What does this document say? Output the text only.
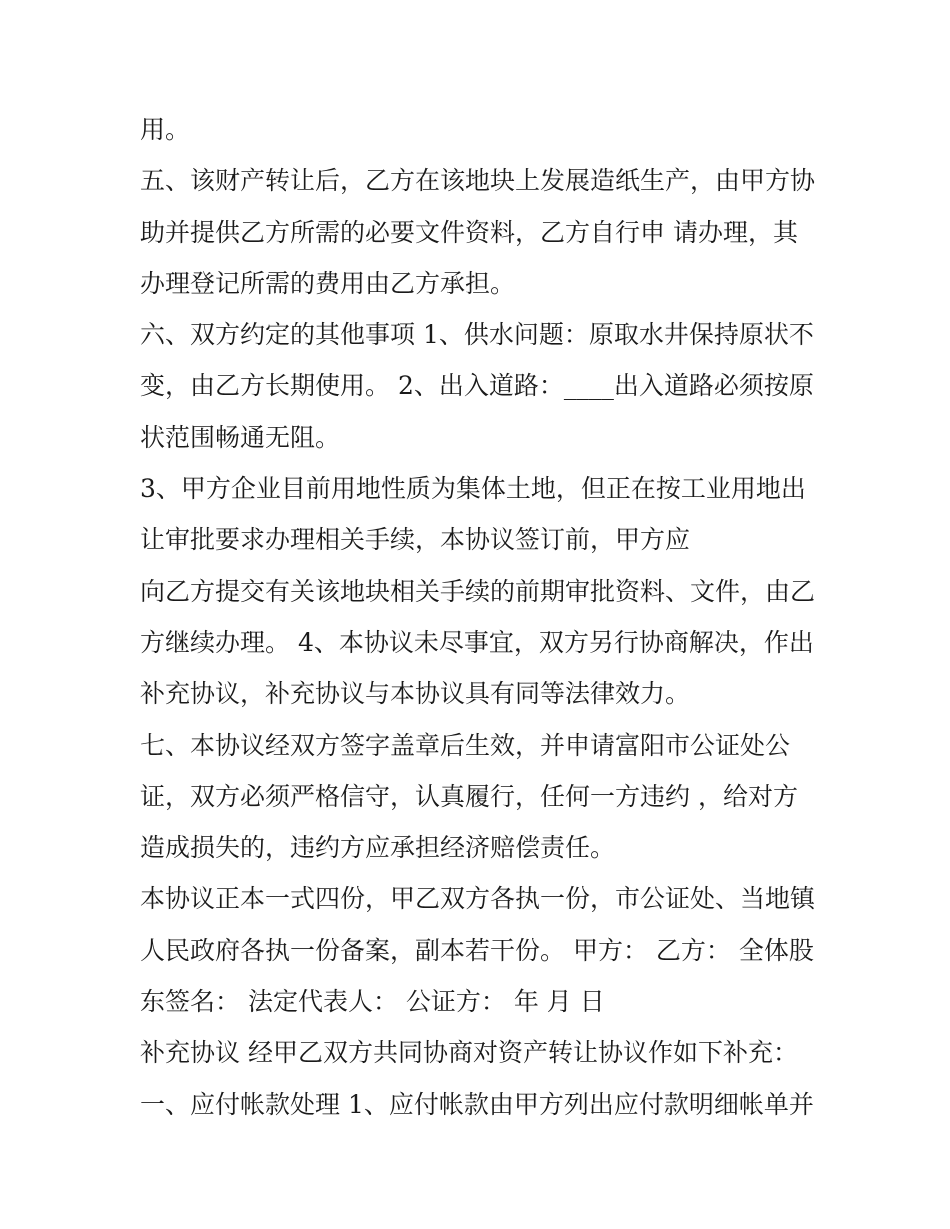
用。
五、该财产转让后，乙方在该地块上发展造纸生产，由甲方协
助并提供乙方所需的必要文件资料，乙方自行申 请办理，其
办理登记所需的费用由乙方承担。
六、双方约定的其他事项 1、供水问题：原取水井保持原状不
变，由乙方长期使用。 2、出入道路：____出入道路必须按原
状范围畅通无阻。
3、甲方企业目前用地性质为集体土地，但正在按工业用地出
让审批要求办理相关手续，本协议签订前，甲方应
向乙方提交有关该地块相关手续的前期审批资料、文件，由乙
方继续办理。 4、本协议未尽事宜，双方另行协商解决，作出
补充协议，补充协议与本协议具有同等法律效力。
七、本协议经双方签字盖章后生效，并申请富阳市公证处公
证，双方必须严格信守，认真履行，任何一方违约 ，给对方
造成损失的，违约方应承担经济赔偿责任。
本协议正本一式四份，甲乙双方各执一份，市公证处、当地镇
人民政府各执一份备案，副本若干份。 甲方： 乙方： 全体股
东签名： 法定代表人： 公证方： 年 月 日
补充协议 经甲乙双方共同协商对资产转让协议作如下补充：
一、应付帐款处理 1、应付帐款由甲方列出应付款明细帐单并
